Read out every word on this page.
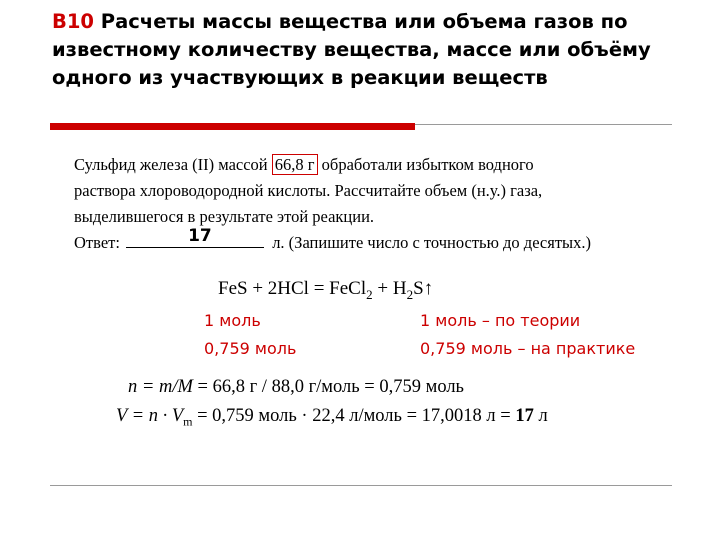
B10 Расчеты массы вещества или объема газов по известному количеству вещества, массе или объёму одного из участвующих в реакции веществ

Сульфид железа (II) массой 66,8 г обработали избытком водного

раствора хлороводородной кислоты. Рассчитайте объем (н.у.) газа,

выделившегося в результате этой реакции.

Ответ:	17	л. (Запишите число с точностью до десятых.)

FeS + 2HCl = FeCl$_2$ + $H_2S↑$
1 моль
0,759 моль
1 моль – по теории
0,759 моль – на практике
n = m/M = 66,8 г / 88,0 г/моль = 0,759 моль
$V = n \cdot V_m = 0,759$ моль · 22,4 л/моль = 17,0018 л = 17 л
